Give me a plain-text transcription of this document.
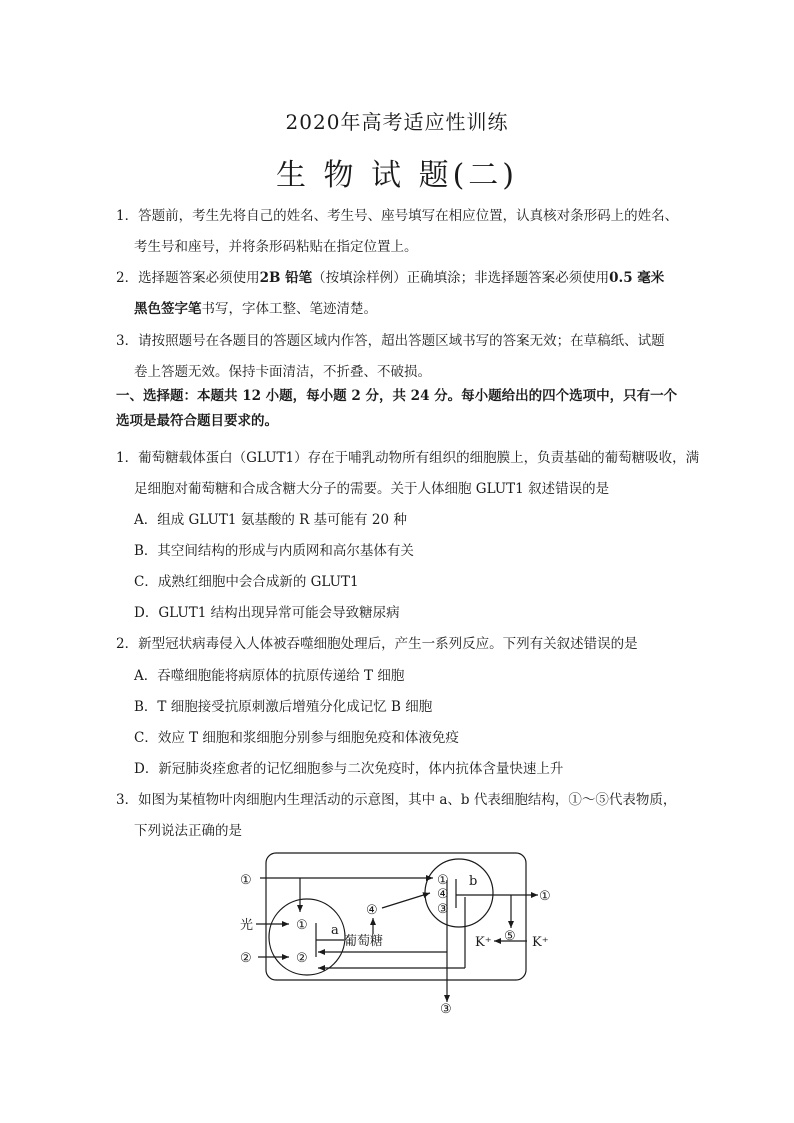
2020年高考适应性训练
生 物 试 题(二)
1．答题前，考生先将自己的姓名、考生号、座号填写在相应位置，认真核对条形码上的姓名、
考生号和座号，并将条形码粘贴在指定位置上。
2．选择题答案必须使用2B 铅笔（按填涂样例）正确填涂；非选择题答案必须使用0.5 毫米
黑色签字笔书写，字体工整、笔迹清楚。
3．请按照题号在各题目的答题区域内作答，超出答题区域书写的答案无效；在草稿纸、试题
卷上答题无效。保持卡面清洁，不折叠、不破损。
一、选择题：本题共 12 小题，每小题 2 分，共 24 分。每小题给出的四个选项中，只有一个
选项是最符合题目要求的。
1．葡萄糖载体蛋白（GLUT1）存在于哺乳动物所有组织的细胞膜上，负责基础的葡萄糖吸收，满
足细胞对葡萄糖和合成含糖大分子的需要。关于人体细胞 GLUT1 叙述错误的是
A．组成 GLUT1 氨基酸的 R 基可能有 20 种
B．其空间结构的形成与内质网和高尔基体有关
C．成熟红细胞中会合成新的 GLUT1
D．GLUT1 结构出现异常可能会导致糖尿病
2．新型冠状病毒侵入人体被吞噬细胞处理后，产生一系列反应。下列有关叙述错误的是
A．吞噬细胞能将病原体的抗原传递给 T 细胞
B．T 细胞接受抗原刺激后增殖分化成记忆 B 细胞
C．效应 T 细胞和浆细胞分别参与细胞免疫和体液免疫
D．新冠肺炎痊愈者的记忆细胞参与二次免疫时，体内抗体含量快速上升
3．如图为某植物叶肉细胞内生理活动的示意图，其中 a、b 代表细胞结构，①～⑤代表物质，
下列说法正确的是
①
光
②
①
②
a
葡萄糖
④
①
④
③
b
①
⑤
K⁺	K⁺
③
